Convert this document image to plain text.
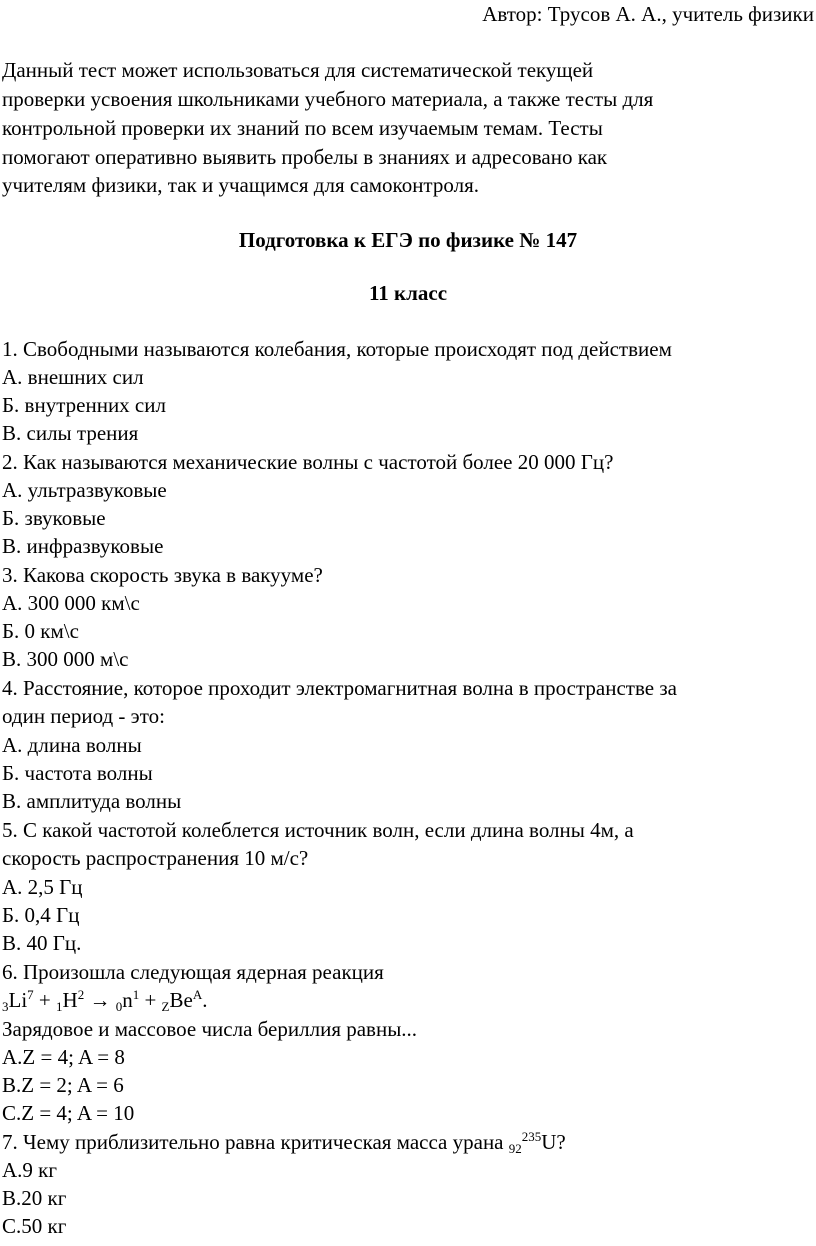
Автор: Трусов А. А., учитель физики
Данный тест может использоваться для систематической текущей
проверки усвоения школьниками учебного материала, а также тесты для
контрольной проверки их знаний по всем изучаемым темам. Тесты
помогают оперативно выявить пробелы в знаниях и адресовано как
учителям физики, так и учащимся для самоконтроля.
Подготовка к ЕГЭ по физике № 147
11 класс
1. Свободными называются колебания, которые происходят под действием
А. внешних сил
Б. внутренних сил
В. силы трения
2. Как называются механические волны с частотой более 20 000 Гц?
А. ультразвуковые
Б. звуковые
В. инфразвуковые
3. Какова скорость звука в вакууме?
А. 300 000 км\с
Б. 0 км\с
В. 300 000 м\с
4. Расстояние, которое проходит электромагнитная волна в пространстве за
один период - это:
А. длина волны
Б. частота волны
В. амплитуда волны
5. С какой частотой колеблется источник волн, если длина волны 4м, а
скорость распространения 10 м/с?
А. 2,5 Гц
Б. 0,4 Гц
В. 40 Гц.
6. Произошла следующая ядерная реакция
$_3Li^7 + _1H^2 \to _0n^1 + _ZBe^A$.
Зарядовое и массовое числа бериллия равны...
А.Z = 4; A = 8
В.Z = 2; A = 6
С.Z = 4; A = 10
7. Чему приблизительно равна критическая масса урана $_{92}^{235}$U?
А.9 кг
В.20 кг
С.50 кг
